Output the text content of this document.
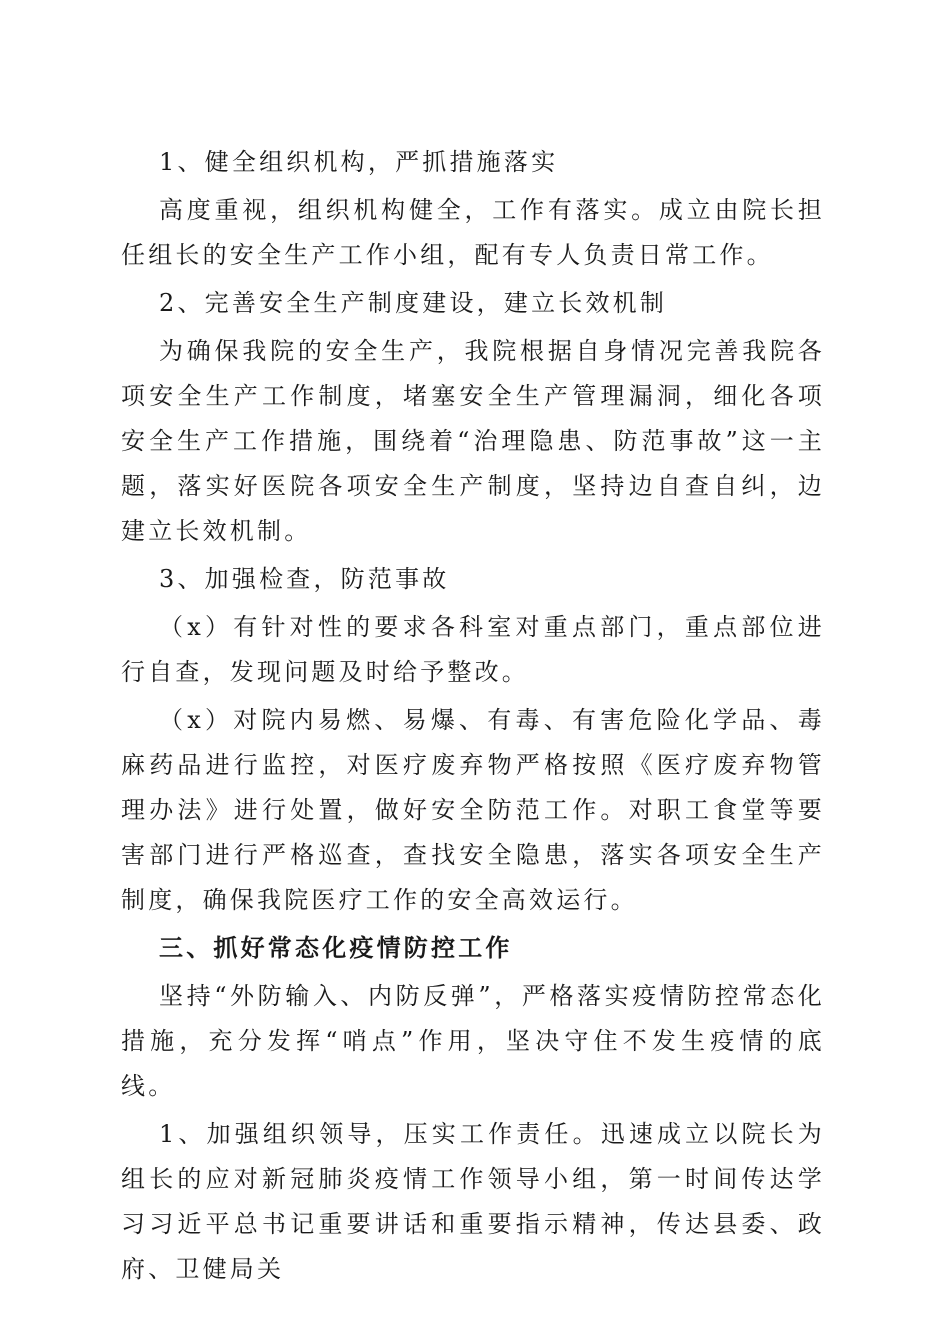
1、健全组织机构，严抓措施落实

高度重视，组织机构健全，工作有落实。成立由院长担任组长的安全生产工作小组，配有专人负责日常工作。

2、完善安全生产制度建设，建立长效机制

为确保我院的安全生产，我院根据自身情况完善我院各项安全生产工作制度，堵塞安全生产管理漏洞，细化各项安全生产工作措施，围绕着“治理隐患、防范事故”这一主题，落实好医院各项安全生产制度，坚持边自查自纠，边建立长效机制。

3、加强检查，防范事故

（x）有针对性的要求各科室对重点部门，重点部位进行自查，发现问题及时给予整改。

（x）对院内易燃、易爆、有毒、有害危险化学品、毒麻药品进行监控，对医疗废弃物严格按照《医疗废弃物管理办法》进行处置，做好安全防范工作。对职工食堂等要害部门进行严格巡查，查找安全隐患，落实各项安全生产制度，确保我院医疗工作的安全高效运行。

三、抓好常态化疫情防控工作

坚持“外防输入、内防反弹”，严格落实疫情防控常态化措施，充分发挥“哨点”作用，坚决守住不发生疫情的底线。

1、加强组织领导，压实工作责任。迅速成立以院长为组长的应对新冠肺炎疫情工作领导小组，第一时间传达学习习近平总书记重要讲话和重要指示精神，传达县委、政府、卫健局关
